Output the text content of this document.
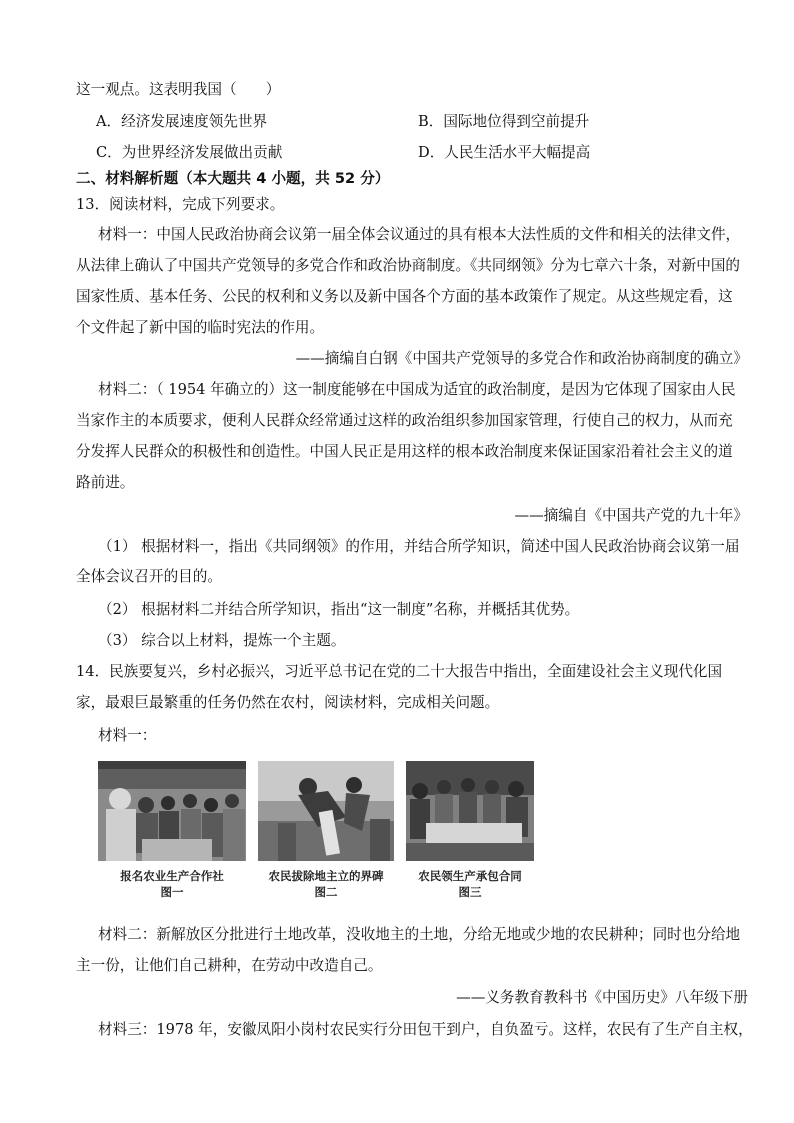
这一观点。这表明我国（　　）
A．经济发展速度领先世界	B．国际地位得到空前提升
C．为世界经济发展做出贡献	D．人民生活水平大幅提高
二、材料解析题（本大题共 4 小题，共 52 分）
13．阅读材料，完成下列要求。
材料一：中国人民政治协商会议第一届全体会议通过的具有根本大法性质的文件和相关的法律文件，
从法律上确认了中国共产党领导的多党合作和政治协商制度。《共同纲领》分为七章六十条，对新中国的
国家性质、基本任务、公民的权利和义务以及新中国各个方面的基本政策作了规定。从这些规定看，这
个文件起了新中国的临时宪法的作用。
——摘编自白钢《中国共产党领导的多党合作和政治协商制度的确立》
材料二：（ 1954 年确立的）这一制度能够在中国成为适宜的政治制度，是因为它体现了国家由人民
当家作主的本质要求，便利人民群众经常通过这样的政治组织参加国家管理，行使自己的权力，从而充
分发挥人民群众的积极性和创造性。中国人民正是用这样的根本政治制度来保证国家沿着社会主义的道
路前进。
——摘编自《中国共产党的九十年》
（1） 根据材料一，指出《共同纲领》的作用，并结合所学知识，简述中国人民政治协商会议第一届
全体会议召开的目的。
（2） 根据材料二并结合所学知识，指出“这一制度”名称，并概括其优势。
（3） 综合以上材料，提炼一个主题。
14．民族要复兴，乡村必振兴，习近平总书记在党的二十大报告中指出，全面建设社会主义现代化国
家，最艰巨最繁重的任务仍然在农村，阅读材料，完成相关问题。
材料一：
报名农业生产合作社
图一
农民拔除地主立的界碑
图二
农民领生产承包合同
图三
材料二：新解放区分批进行土地改革，没收地主的土地，分给无地或少地的农民耕种；同时也分给地
主一份，让他们自己耕种，在劳动中改造自己。
——义务教育教科书《中国历史》八年级下册
材料三：1978 年，安徽凤阳小岗村农民实行分田包干到户，自负盈亏。这样，农民有了生产自主权，
